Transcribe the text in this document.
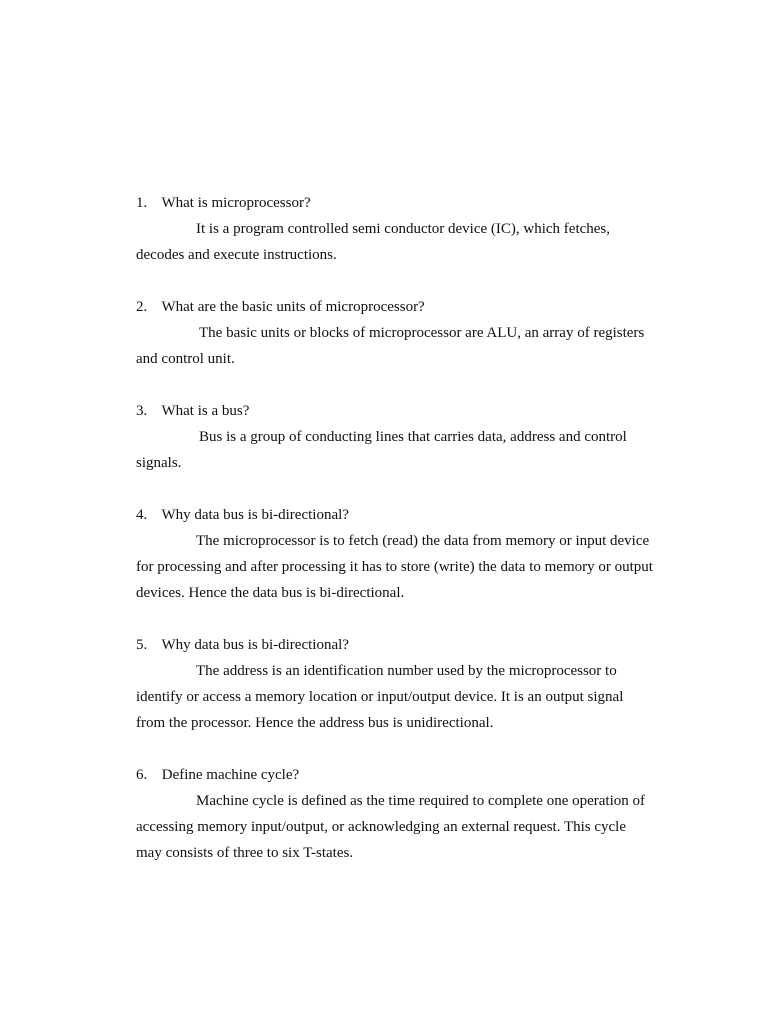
1. What is microprocessor?
It is a program controlled semi conductor device (IC), which fetches,
decodes and execute instructions.
2. What are the basic units of microprocessor?
The basic units or blocks of microprocessor are ALU, an array of registers
and control unit.
3. What is a bus?
Bus is a group of conducting lines that carries data, address and control
signals.
4. Why data bus is bi-directional?
The microprocessor is to fetch (read) the data from memory or input device
for processing and after processing it has to store (write) the data to memory or output
devices. Hence the data bus is bi-directional.
5. Why data bus is bi-directional?
The address is an identification number used by the microprocessor to
identify or access a memory location or input/output device. It is an output signal
from the processor. Hence the address bus is unidirectional.
6. Define machine cycle?
Machine cycle is defined as the time required to complete one operation of
accessing memory input/output, or acknowledging an external request. This cycle
may consists of three to six T-states.
